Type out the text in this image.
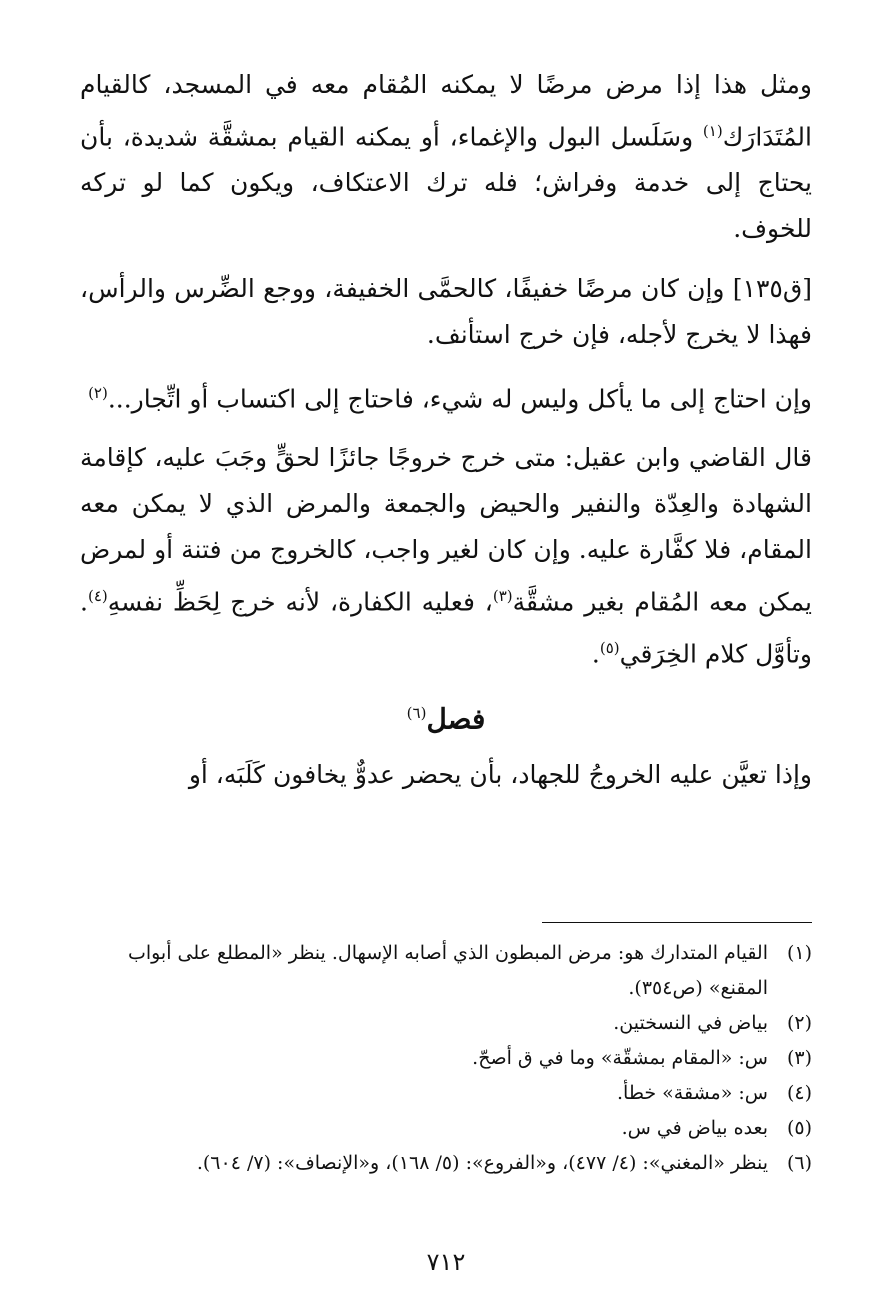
ومثل هذا إذا مرض مرضًا لا يمكنه المُقام معه في المسجد، كالقيام المُتَدَارَك$^{(١)}$ وسَلَسل البول والإغماء، أو يمكنه القيام بمشقَّة شديدة، بأن يحتاج إلى خدمة وفراش؛ فله ترك الاعتكاف، ويكون كما لو تركه للخوف.

[ق١٣٥] وإن كان مرضًا خفيفًا، كالحمَّى الخفيفة، ووجع الضِّرس والرأس، فهذا لا يخرج لأجله، فإن خرج استأنف.

وإن احتاج إلى ما يأكل وليس له شيء، فاحتاج إلى اكتساب أو اتِّجار...$^{(٢)}$

قال القاضي وابن عقيل: متى خرج خروجًا جائزًا لحقٍّ وجَبَ عليه، كإقامة الشهادة والعِدّة والنفير والحيض والجمعة والمرض الذي لا يمكن معه المقام، فلا كفَّارة عليه. وإن كان لغير واجب، كالخروج من فتنة أو لمرض يمكن معه المُقام بغير مشقَّة$^{(٣)}$، فعليه الكفارة، لأنه خرج لِحَظِّ نفسهِ$^{(٤)}$. وتأوَّل كلام الخِرَقي$^{(٥)}$.

فصل$^{(٦)}$

وإذا تعيَّن عليه الخروجُ للجهاد، بأن يحضر عدوٌّ يخافون كَلَبَه، أو

(١)
القيام المتدارك هو: مرض المبطون الذي أصابه الإسهال. ينظر «المطلع على أبواب المقنع» (ص٣٥٤).
(٢)
بياض في النسختين.
(٣)
س: «المقام بمشقّة» وما في ق أصحّ.
(٤)
س: «مشقة» خطأ.
(٥)
بعده بياض في س.
(٦)
ينظر «المغني»: (٤/ ٤٧٧)، و«الفروع»: (٥/ ١٦٨)، و«الإنصاف»: (٧/ ٦٠٤).
٧١٢
